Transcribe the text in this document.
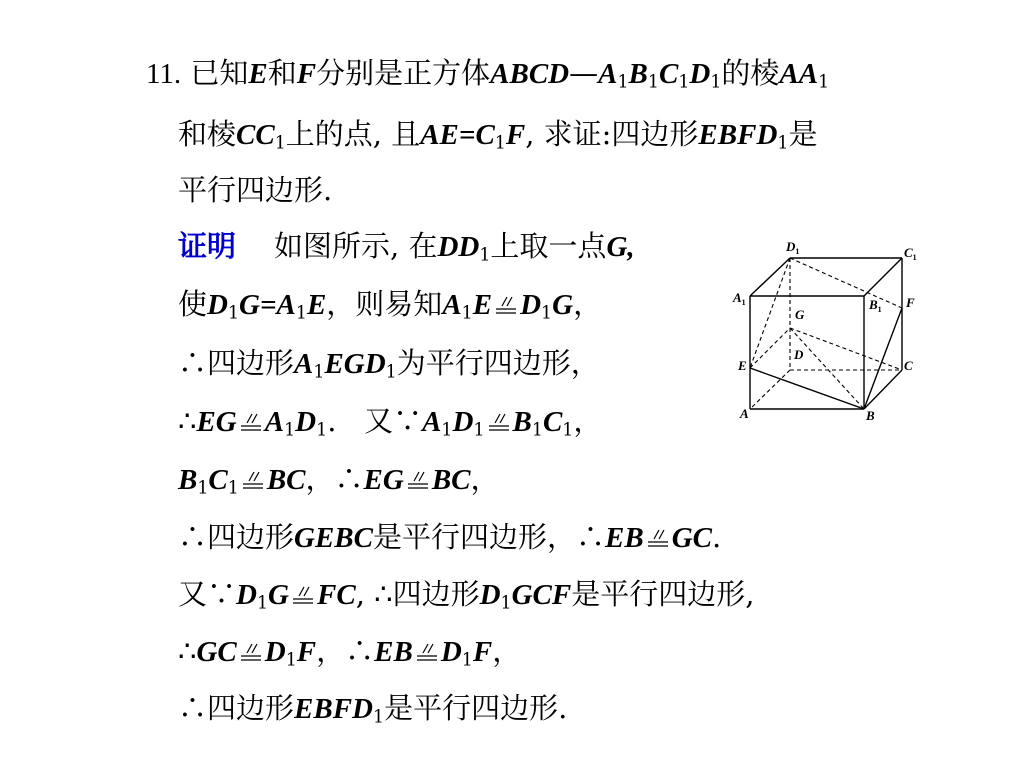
11. 已知E和F分别是正方体$ABCD—A_1B_1C_1D_1$的棱$AA_1$
和棱$CC_1$上的点, 且$AE=C_1F$, 求证:四边形$EBFD_1$是
平行四边形.
证明 如图所示, 在$DD_1$上取一点G,
使$D_1G=A_1E$，则易知$A_1E$ $D_1G$，
∴四边形$A_1EGD_1$为平行四边形，
∴EG $A_1D_1$.   又$\because A_1D_1$ $B_1C_1$，
$B_1C_1$ BC，∴EG BC，
∴四边形GEBC是平行四边形，∴EB GC.
又$\because D_1G$ FC, ∴四边形$D_1GCF$是平行四边形,
∴GC $D_1F$，∴EB $D_1F$，
∴四边形$EBFD_1$是平行四边形.
$D_1$	$C_1$
$A_1$	$B_1$ F
G
D
E	C
A	B
